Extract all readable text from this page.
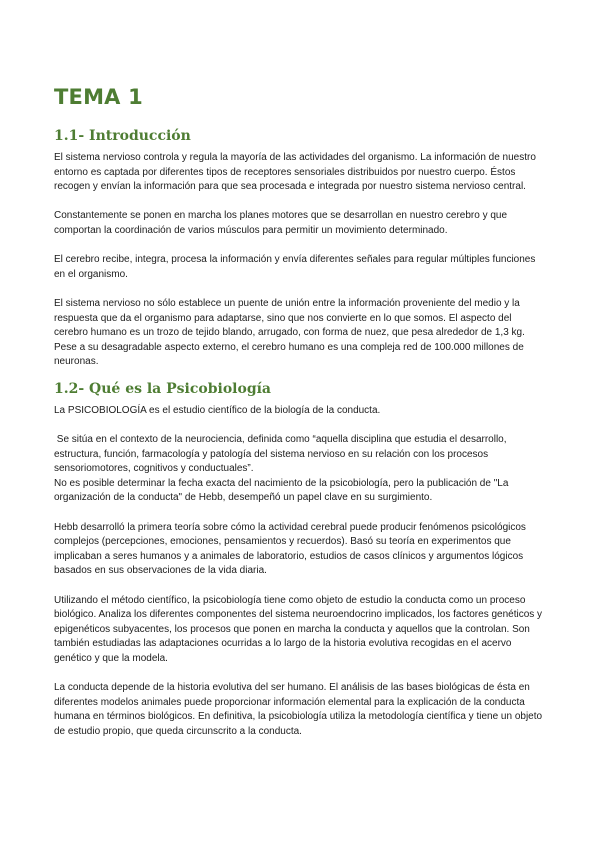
TEMA 1
1.1- Introducción

El sistema nervioso controla y regula la mayoría de las actividades del organismo. La información de nuestro entorno es captada por diferentes tipos de receptores sensoriales distribuidos por nuestro cuerpo. Éstos recogen y envían la información para que sea procesada e integrada por nuestro sistema nervioso central.

Constantemente se ponen en marcha los planes motores que se desarrollan en nuestro cerebro y que comportan la coordinación de varios músculos para permitir un movimiento determinado.

El cerebro recibe, integra, procesa la información y envía diferentes señales para regular múltiples funciones en el organismo.

El sistema nervioso no sólo establece un puente de unión entre la información proveniente del medio y la respuesta que da el organismo para adaptarse, sino que nos convierte en lo que somos. El aspecto del cerebro humano es un trozo de tejido blando, arrugado, con forma de nuez, que pesa alrededor de 1,3 kg. Pese a su desagradable aspecto externo, el cerebro humano es una compleja red de 100.000 millones de neuronas.

1.2- Qué es la Psicobiología

La PSICOBIOLOGÍA es el estudio científico de la biología de la conducta.

Se sitúa en el contexto de la neurociencia, definida como “aquella disciplina que estudia el desarrollo, estructura, función, farmacología y patología del sistema nervioso en su relación con los procesos sensoriomotores, cognitivos y conductuales”.

No es posible determinar la fecha exacta del nacimiento de la psicobiología, pero la publicación de "La organización de la conducta" de Hebb, desempeñó un papel clave en su surgimiento.

Hebb desarrolló la primera teoría sobre cómo la actividad cerebral puede producir fenómenos psicológicos complejos (percepciones, emociones, pensamientos y recuerdos). Basó su teoría en experimentos que implicaban a seres humanos y a animales de laboratorio, estudios de casos clínicos y argumentos lógicos basados en sus observaciones de la vida diaria.

Utilizando el método científico, la psicobiología tiene como objeto de estudio la conducta como un proceso biológico. Analiza los diferentes componentes del sistema neuroendocrino implicados, los factores genéticos y epigenéticos subyacentes, los procesos que ponen en marcha la conducta y aquellos que la controlan. Son también estudiadas las adaptaciones ocurridas a lo largo de la historia evolutiva recogidas en el acervo genético y que la modela.

La conducta depende de la historia evolutiva del ser humano. El análisis de las bases biológicas de ésta en diferentes modelos animales puede proporcionar información elemental para la explicación de la conducta humana en términos biológicos. En definitiva, la psicobiología utiliza la metodología científica y tiene un objeto de estudio propio, que queda circunscrito a la conducta.
